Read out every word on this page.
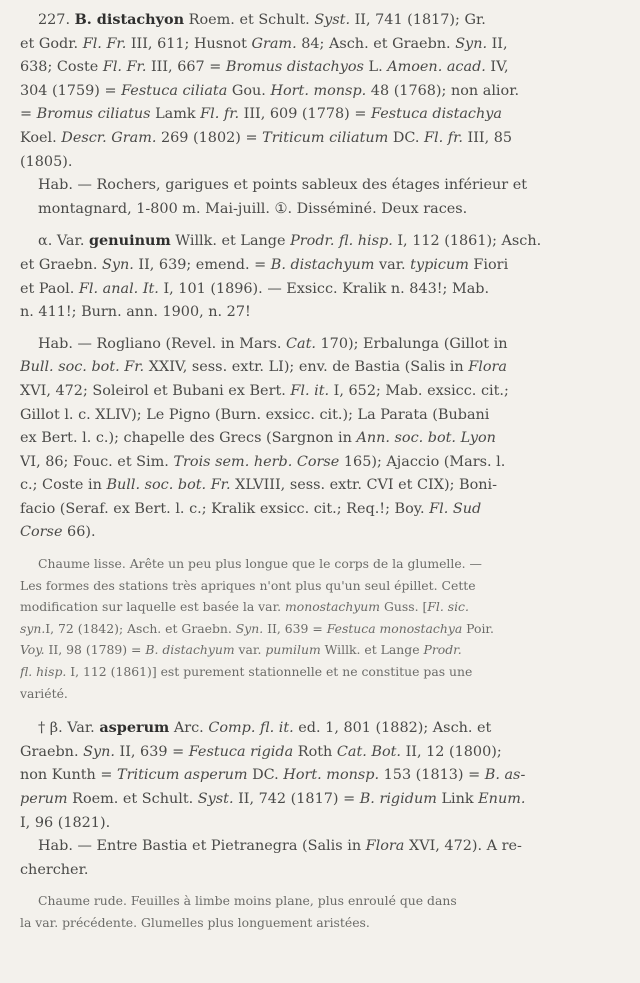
227. B. distachyon Roem. et Schult. Syst. II, 741 (1817); Gr.
et Godr. Fl. Fr. III, 611; Husnot Gram. 84; Asch. et Graebn. Syn. II,
638; Coste Fl. Fr. III, 667 = Bromus distachyos L. Amoen. acad. IV,
304 (1759) = Festuca ciliata Gou. Hort. monsp. 48 (1768); non alior.
= Bromus ciliatus Lamk Fl. fr. III, 609 (1778) = Festuca distachya
Koel. Descr. Gram. 269 (1802) = Triticum ciliatum DC. Fl. fr. III, 85
(1805).
Hab. — Rochers, garigues et points sableux des étages inférieur et
montagnard, 1-800 m. Mai-juill. ①. Disséminé. Deux races.
α. Var. genuinum Willk. et Lange Prodr. fl. hisp. I, 112 (1861); Asch.
et Graebn. Syn. II, 639; emend. = B. distachyum var. typicum Fiori
et Paol. Fl. anal. It. I, 101 (1896). — Exsicc. Kralik n. 843!; Mab.
n. 411!; Burn. ann. 1900, n. 27!
Hab. — Rogliano (Revel. in Mars. Cat. 170); Erbalunga (Gillot in
Bull. soc. bot. Fr. XXIV, sess. extr. LI); env. de Bastia (Salis in Flora
XVI, 472; Soleirol et Bubani ex Bert. Fl. it. I, 652; Mab. exsicc. cit.;
Gillot l. c. XLIV); Le Pigno (Burn. exsicc. cit.); La Parata (Bubani
ex Bert. l. c.); chapelle des Grecs (Sargnon in Ann. soc. bot. Lyon
VI, 86; Fouc. et Sim. Trois sem. herb. Corse 165); Ajaccio (Mars. l.
c.; Coste in Bull. soc. bot. Fr. XLVIII, sess. extr. CVI et CIX); Boni-
facio (Seraf. ex Bert. l. c.; Kralik exsicc. cit.; Req.!; Boy. Fl. Sud
Corse 66).
Chaume lisse. Arête un peu plus longue que le corps de la glumelle. —
Les formes des stations très apriques n'ont plus qu'un seul épillet. Cette
modification sur laquelle est basée la var. monostachyum Guss. [Fl. sic.
syn.I, 72 (1842); Asch. et Graebn. Syn. II, 639 = Festuca monostachya Poir.
Voy. II, 98 (1789) = B. distachyum var. pumilum Willk. et Lange Prodr.
fl. hisp. I, 112 (1861)] est purement stationnelle et ne constitue pas une
variété.
† β. Var. asperum Arc. Comp. fl. it. ed. 1, 801 (1882); Asch. et
Graebn. Syn. II, 639 = Festuca rigida Roth Cat. Bot. II, 12 (1800);
non Kunth = Triticum asperum DC. Hort. monsp. 153 (1813) = B. as-
perum Roem. et Schult. Syst. II, 742 (1817) = B. rigidum Link Enum.
I, 96 (1821).
Hab. — Entre Bastia et Pietranegra (Salis in Flora XVI, 472). A re-
chercher.
Chaume rude. Feuilles à limbe moins plane, plus enroulé que dans
la var. précédente. Glumelles plus longuement aristées.
